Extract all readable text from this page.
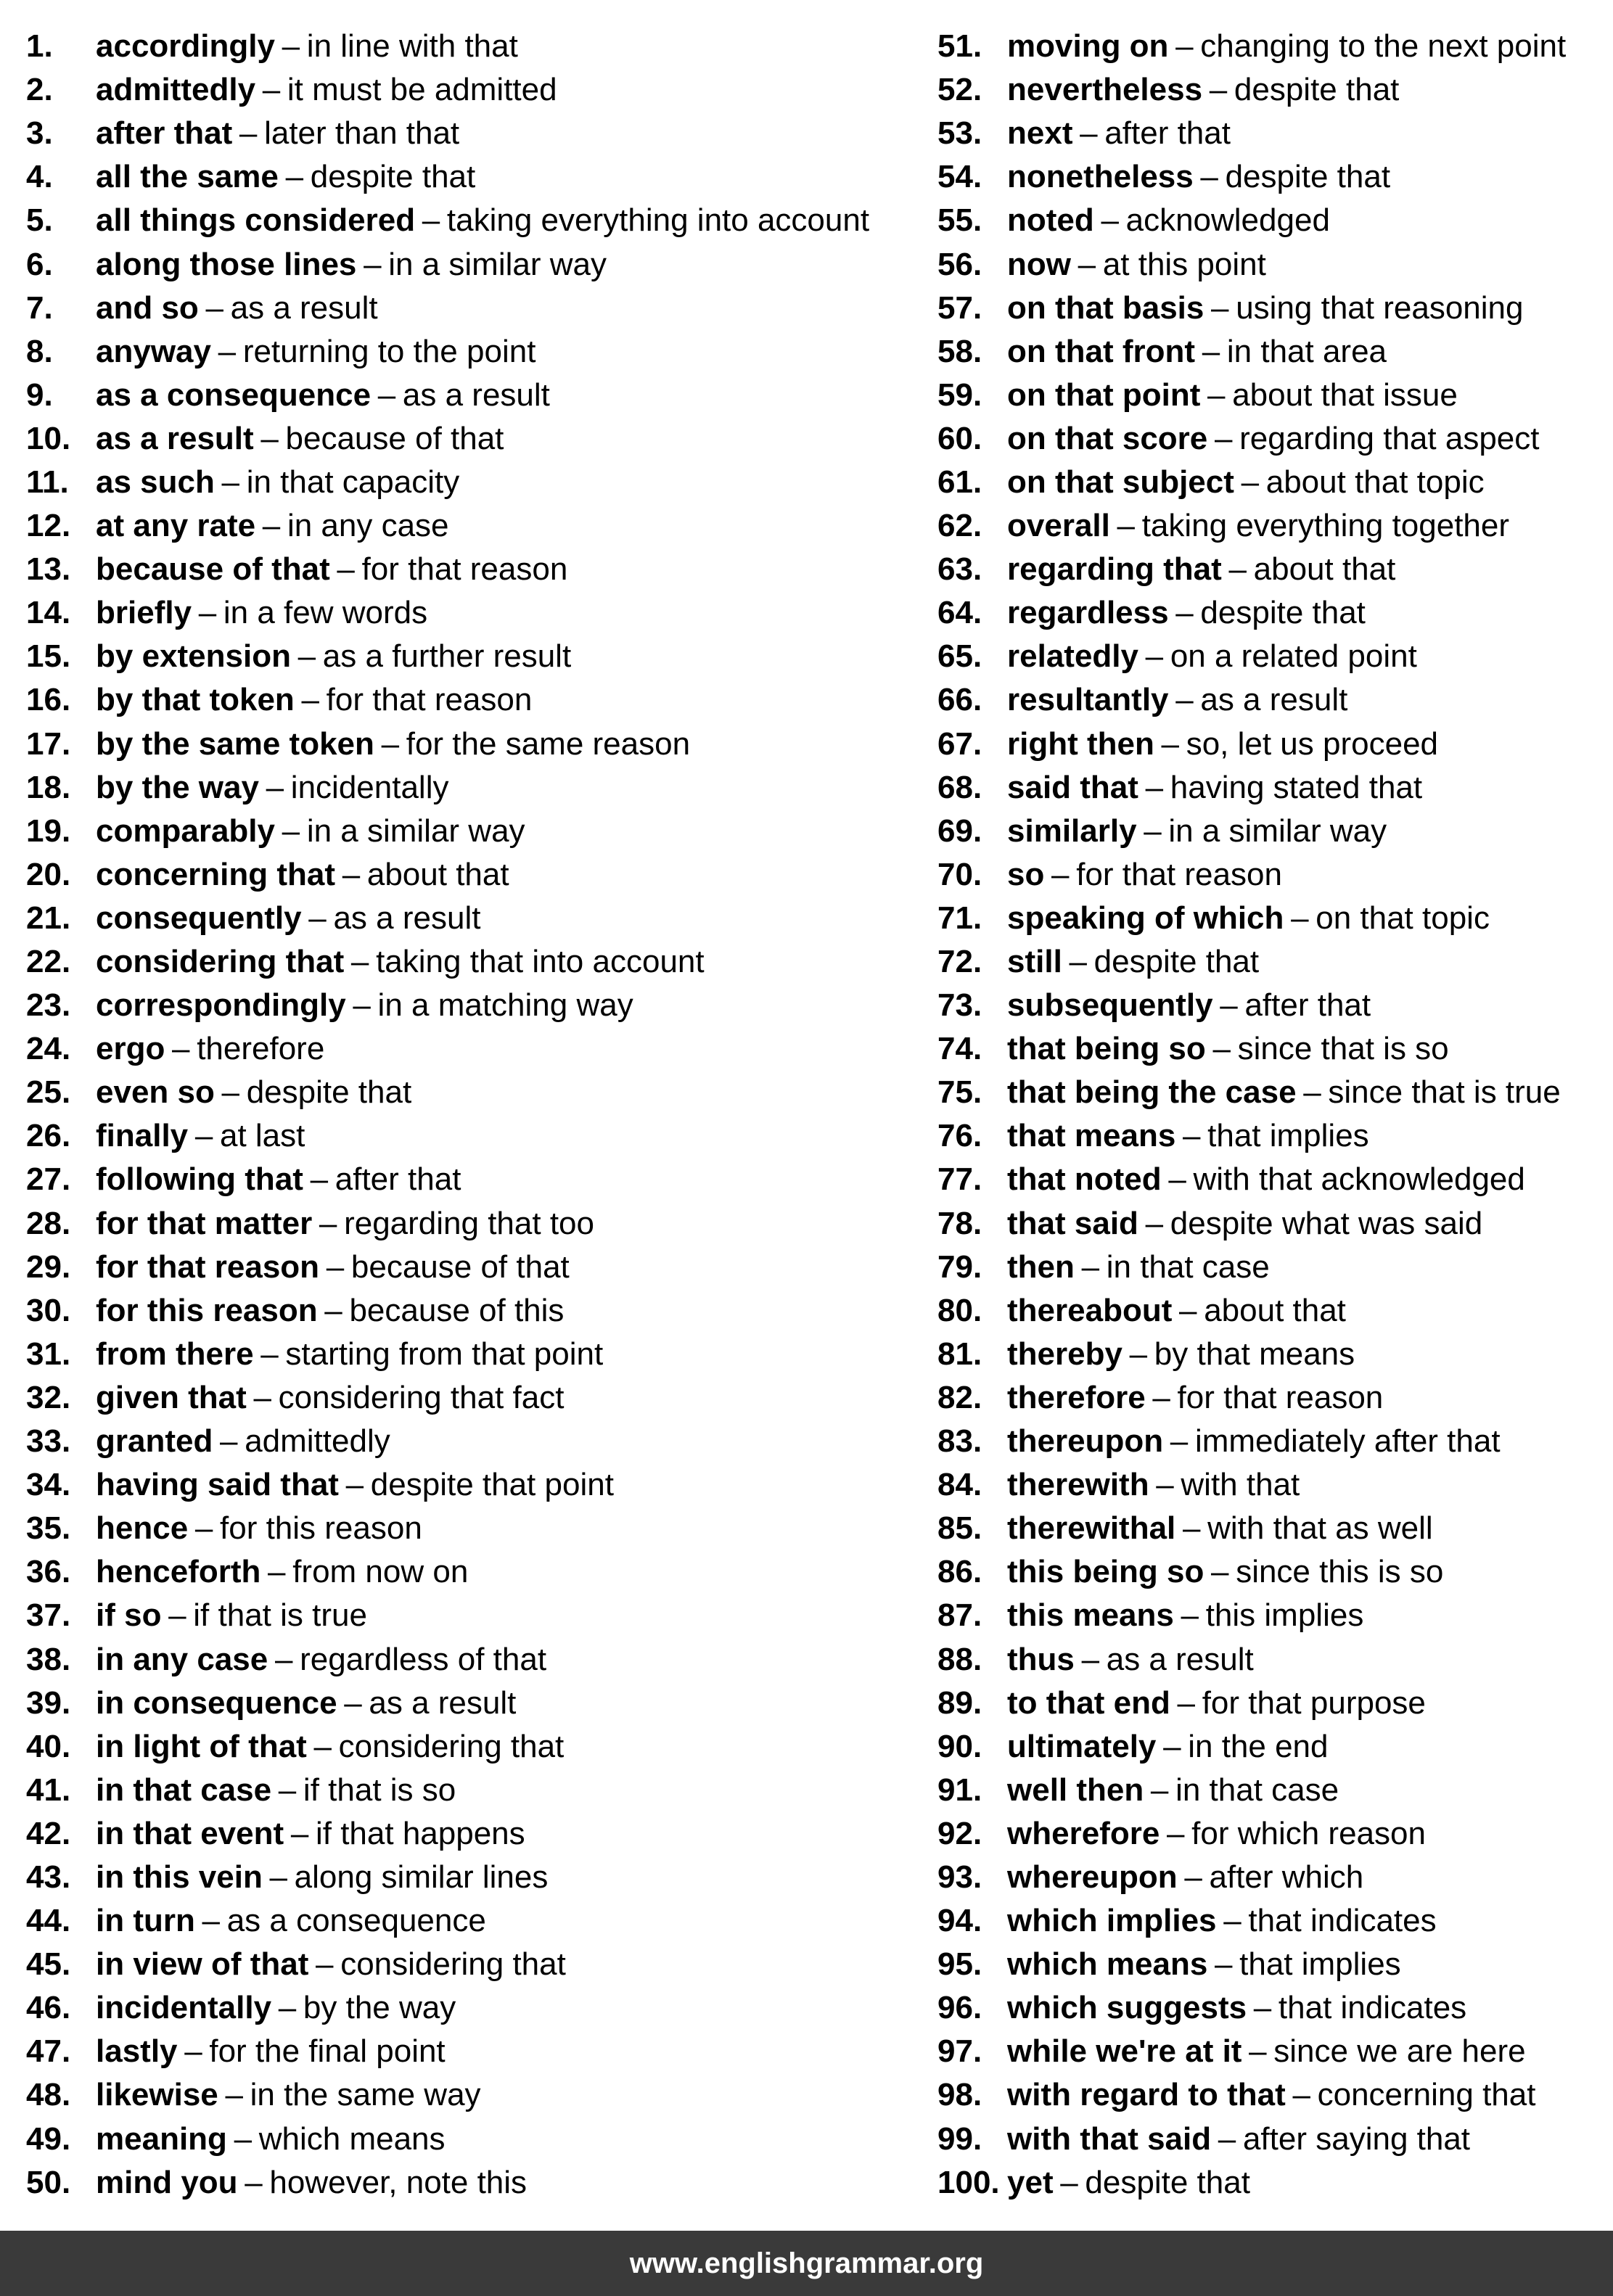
1.	accordingly – in line with that
2.	admittedly – it must be admitted
3.	after that – later than that
4.	all the same – despite that
5.	all things considered – taking everything into account
6.	along those lines – in a similar way
7.	and so – as a result
8.	anyway – returning to the point
9.	as a consequence – as a result
10. as a result – because of that
11. as such – in that capacity
12. at any rate – in any case
13. because of that – for that reason
14. briefly – in a few words
15. by extension – as a further result
16. by that token – for that reason
17. by the same token – for the same reason
18. by the way – incidentally
19. comparably – in a similar way
20. concerning that – about that
21. consequently – as a result
22. considering that – taking that into account
23. correspondingly – in a matching way
24. ergo – therefore
25. even so – despite that
26. finally – at last
27. following that – after that
28. for that matter – regarding that too
29. for that reason – because of that
30. for this reason – because of this
31. from there – starting from that point
32. given that – considering that fact
33. granted – admittedly
34. having said that – despite that point
35. hence – for this reason
36. henceforth – from now on
37. if so – if that is true
38. in any case – regardless of that
39. in consequence – as a result
40. in light of that – considering that
41. in that case – if that is so
42. in that event – if that happens
43. in this vein – along similar lines
44. in turn – as a consequence
45. in view of that – considering that
46. incidentally – by the way
47. lastly – for the final point
48. likewise – in the same way
49. meaning – which means
50. mind you – however, note this
51. moving on – changing to the next point
52. nevertheless – despite that
53. next – after that
54. nonetheless – despite that
55. noted – acknowledged
56. now – at this point
57. on that basis – using that reasoning
58. on that front – in that area
59. on that point – about that issue
60. on that score – regarding that aspect
61. on that subject – about that topic
62. overall – taking everything together
63. regarding that – about that
64. regardless – despite that
65. relatedly – on a related point
66. resultantly – as a result
67. right then – so, let us proceed
68. said that – having stated that
69. similarly – in a similar way
70. so – for that reason
71. speaking of which – on that topic
72. still – despite that
73. subsequently – after that
74. that being so – since that is so
75. that being the case – since that is true
76. that means – that implies
77. that noted – with that acknowledged
78. that said – despite what was said
79. then – in that case
80. thereabout – about that
81. thereby – by that means
82. therefore – for that reason
83. thereupon – immediately after that
84. therewith – with that
85. therewithal – with that as well
86. this being so – since this is so
87. this means – this implies
88. thus – as a result
89. to that end – for that purpose
90. ultimately – in the end
91. well then – in that case
92. wherefore – for which reason
93. whereupon – after which
94. which implies – that indicates
95. which means – that implies
96. which suggests – that indicates
97. while we're at it – since we are here
98. with regard to that – concerning that
99. with that said – after saying that
100. yet – despite that
www.englishgrammar.org
